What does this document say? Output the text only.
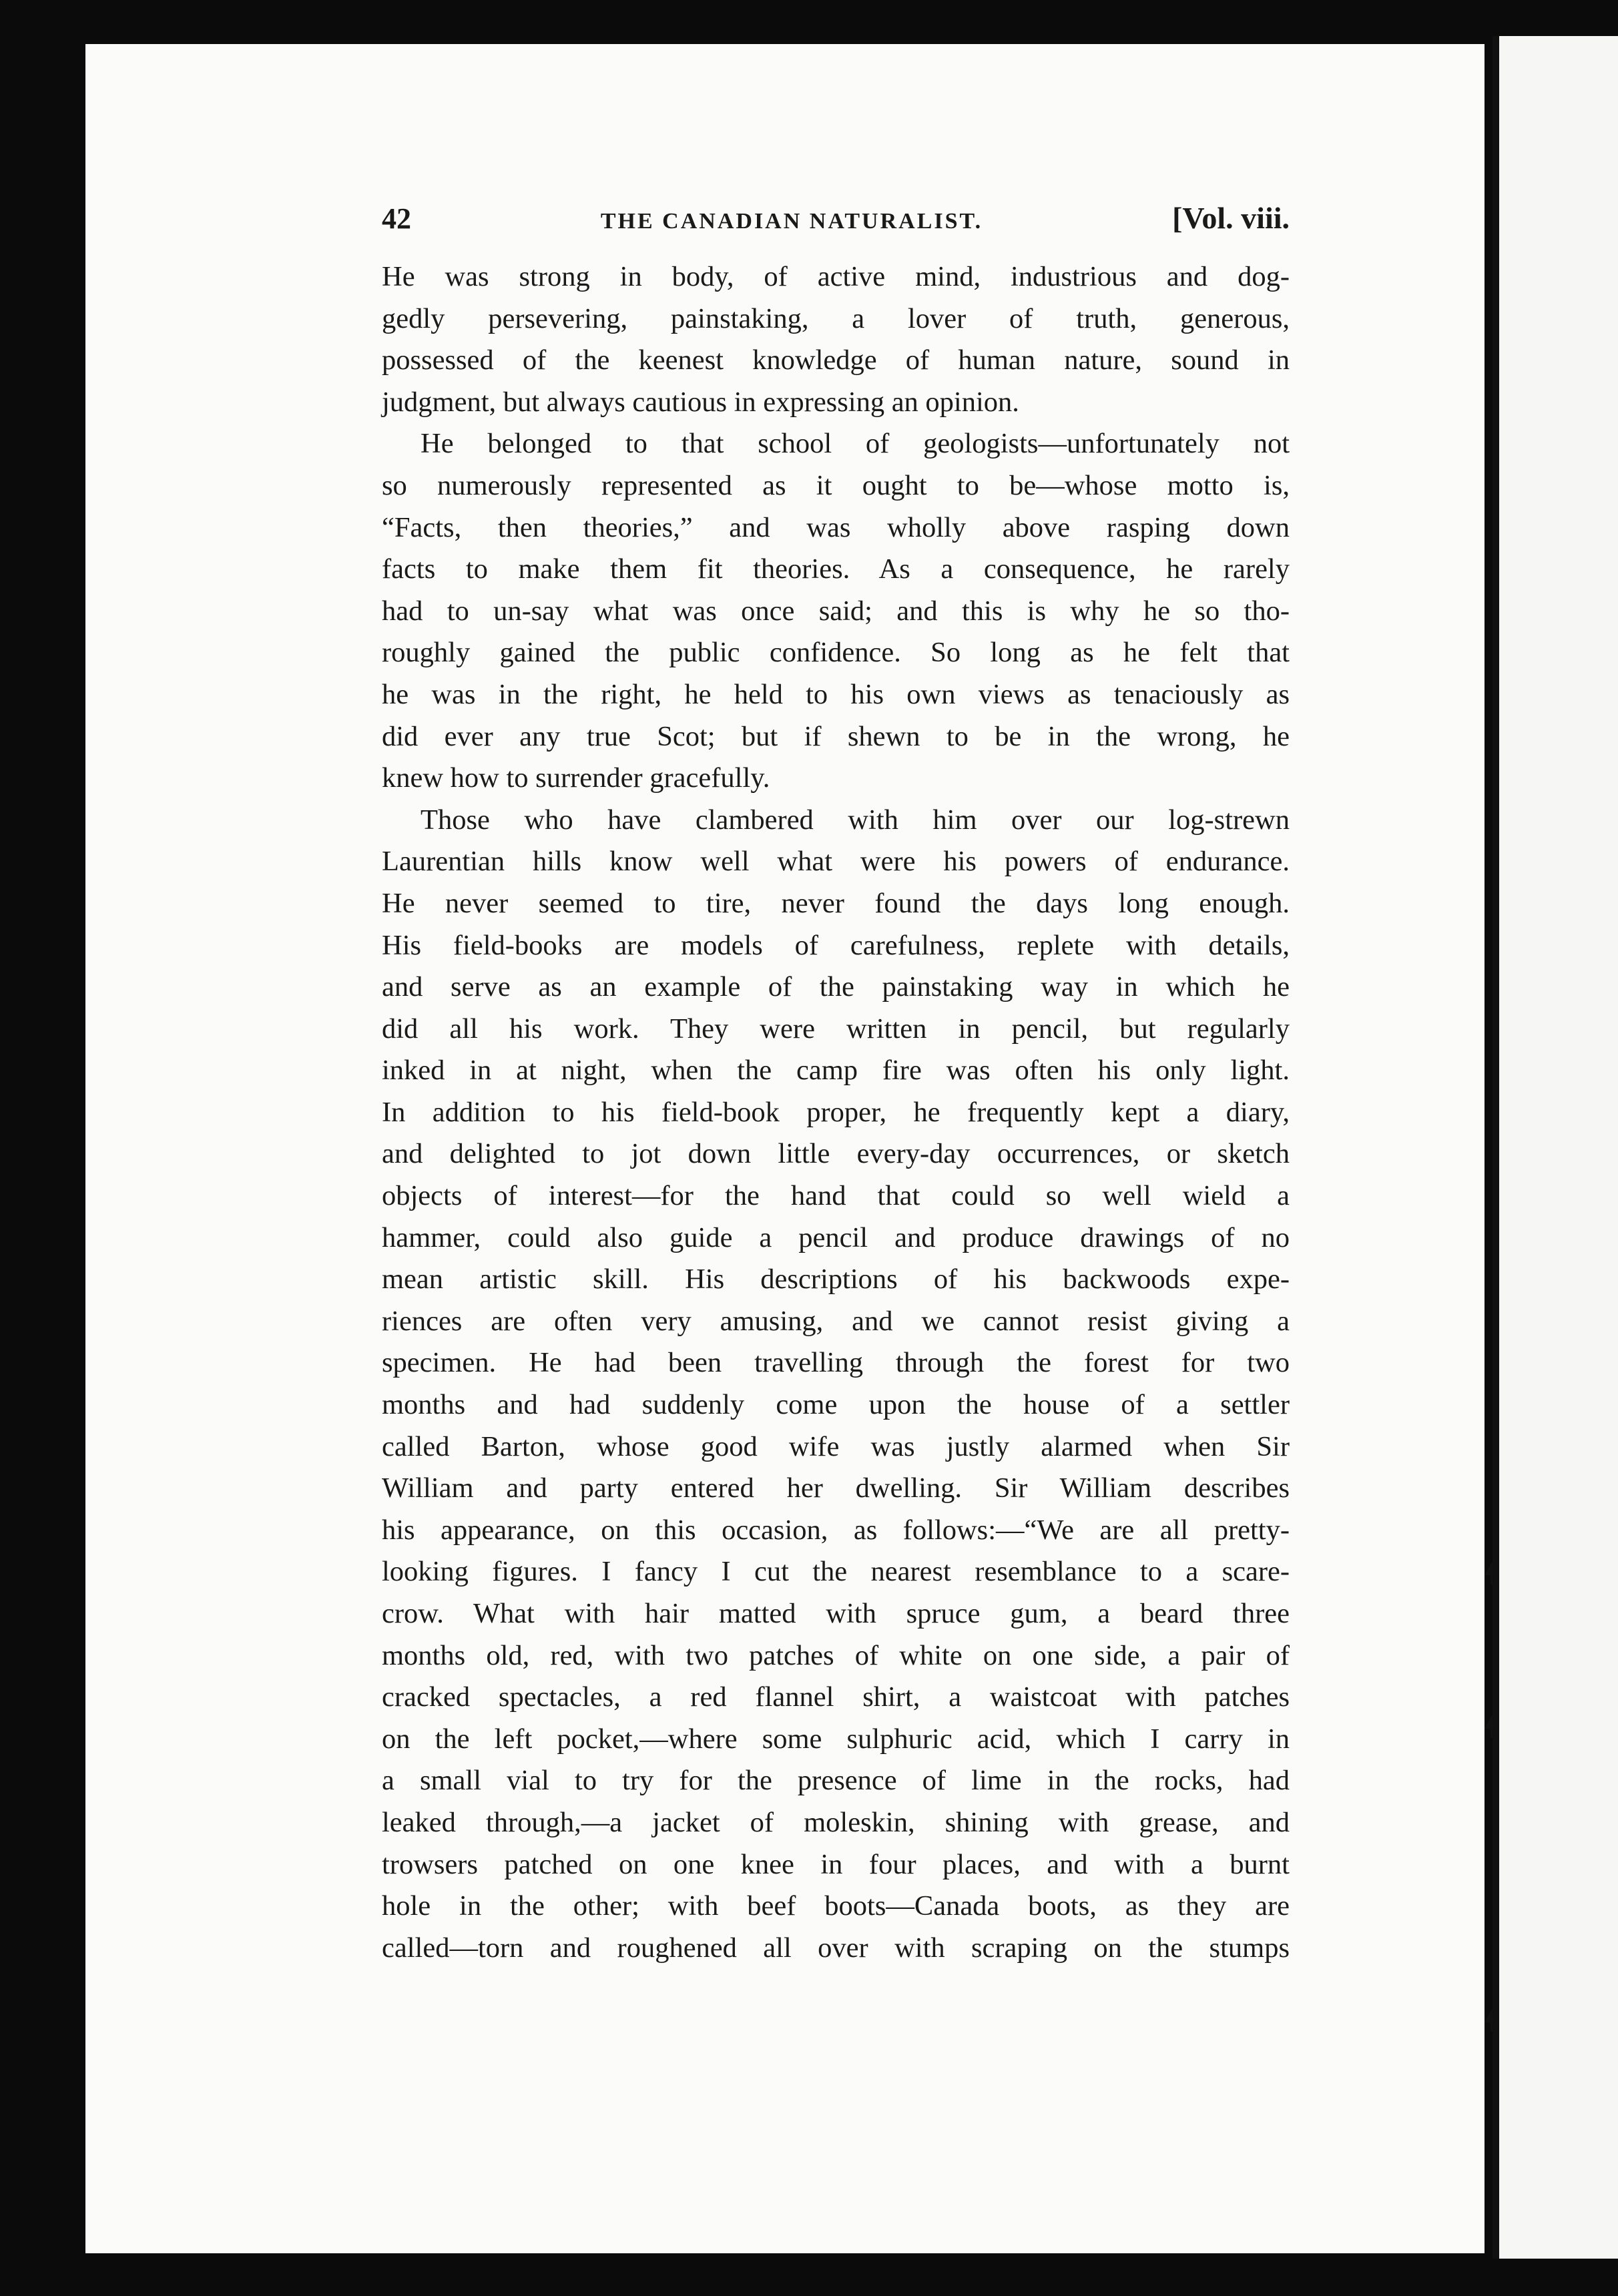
42	THE CANADIAN NATURALIST.	[Vol. viii.
He was strong in body, of active mind, industrious and dog-
gedly persevering, painstaking, a lover of truth, generous,
possessed of the keenest knowledge of human nature, sound in
judgment, but always cautious in expressing an opinion.
He belonged to that school of geologists—unfortunately not
so numerously represented as it ought to be—whose motto is,
“Facts, then theories,” and was wholly above rasping down
facts to make them fit theories. As a consequence, he rarely
had to un-say what was once said; and this is why he so tho-
roughly gained the public confidence. So long as he felt that
he was in the right, he held to his own views as tenaciously as
did ever any true Scot; but if shewn to be in the wrong, he
knew how to surrender gracefully.
Those who have clambered with him over our log-strewn
Laurentian hills know well what were his powers of endurance.
He never seemed to tire, never found the days long enough.
His field-books are models of carefulness, replete with details,
and serve as an example of the painstaking way in which he
did all his work. They were written in pencil, but regularly
inked in at night, when the camp fire was often his only light.
In addition to his field-book proper, he frequently kept a diary,
and delighted to jot down little every-day occurrences, or sketch
objects of interest—for the hand that could so well wield a
hammer, could also guide a pencil and produce drawings of no
mean artistic skill. His descriptions of his backwoods expe-
riences are often very amusing, and we cannot resist giving a
specimen. He had been travelling through the forest for two
months and had suddenly come upon the house of a settler
called Barton, whose good wife was justly alarmed when Sir
William and party entered her dwelling. Sir William describes
his appearance, on this occasion, as follows:—“We are all pretty-
looking figures. I fancy I cut the nearest resemblance to a scare-
crow. What with hair matted with spruce gum, a beard three
months old, red, with two patches of white on one side, a pair of
cracked spectacles, a red flannel shirt, a waistcoat with patches
on the left pocket,—where some sulphuric acid, which I carry in
a small vial to try for the presence of lime in the rocks, had
leaked through,—a jacket of moleskin, shining with grease, and
trowsers patched on one knee in four places, and with a burnt
hole in the other; with beef boots—Canada boots, as they are
called—torn and roughened all over with scraping on the stumps
